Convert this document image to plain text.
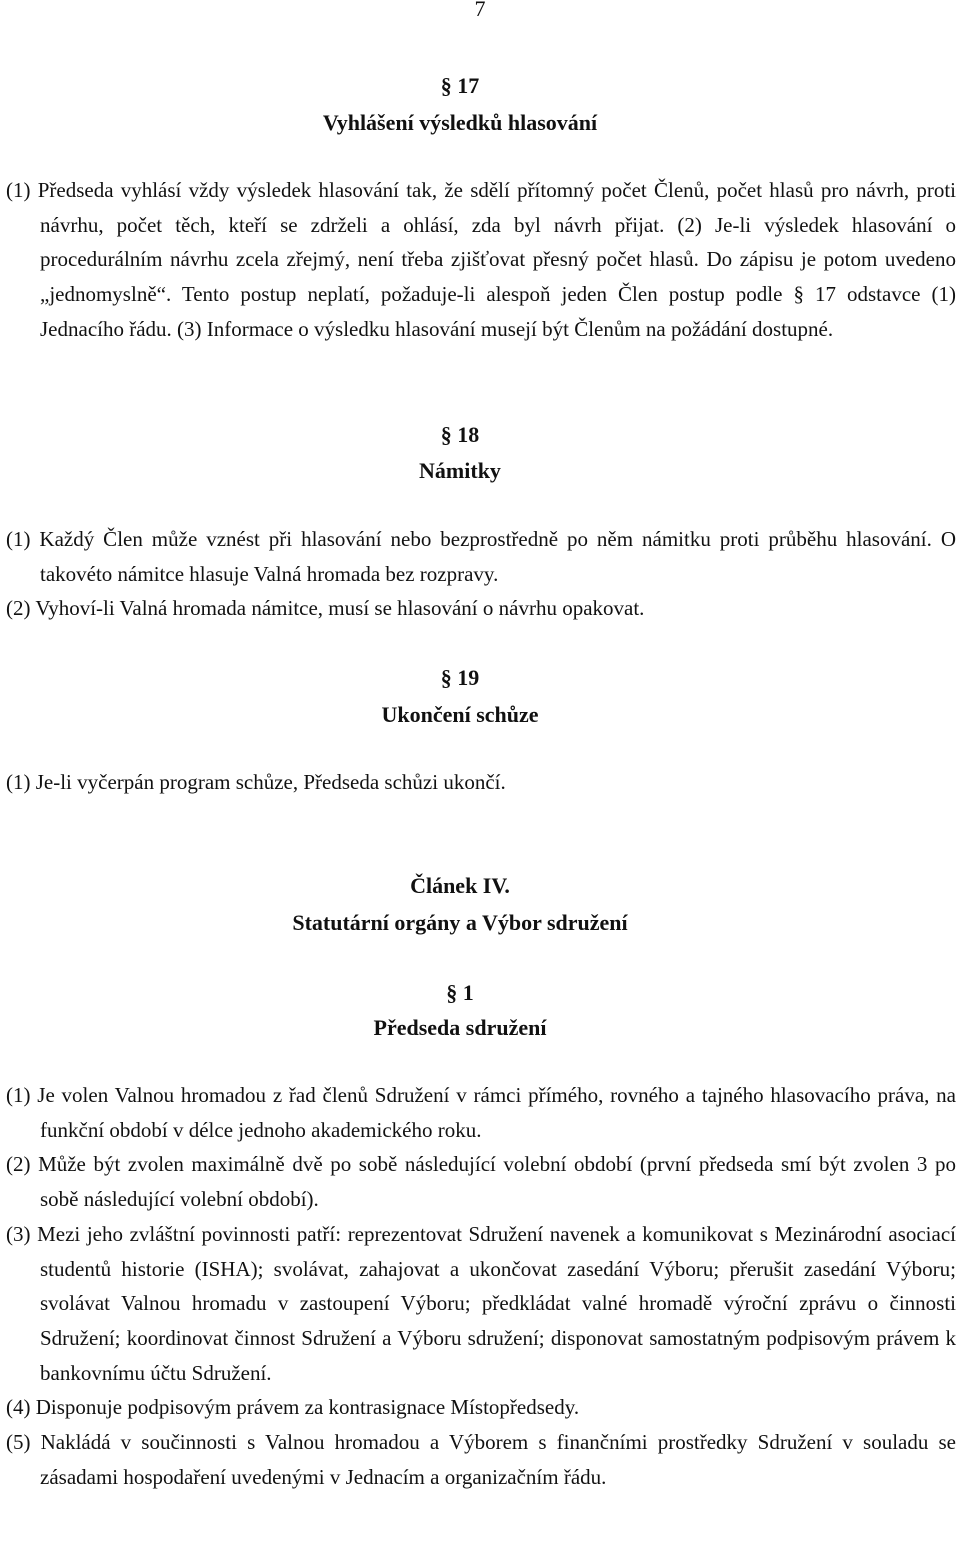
7
§ 17
Vyhlášení výsledků hlasování
(1) Předseda vyhlásí vždy výsledek hlasování tak, že sdělí přítomný počet Členů, počet hlasů pro návrh, proti návrhu, počet těch, kteří se zdrželi a ohlásí, zda byl návrh přijat. (2) Je-li výsledek hlasování o procedurálním návrhu zcela zřejmý, není třeba zjišťovat přesný počet hlasů. Do zápisu je potom uvedeno „jednomyslně“. Tento postup neplatí, požaduje-li alespoň jeden Člen postup podle § 17 odstavce (1) Jednacího řádu. (3) Informace o výsledku hlasování musejí být Členům na požádání dostupné.
§ 18
Námitky
(1) Každý Člen může vznést při hlasování nebo bezprostředně po něm námitku proti průběhu hlasování. O takovéto námitce hlasuje Valná hromada bez rozpravy.
(2) Vyhoví-li Valná hromada námitce, musí se hlasování o návrhu opakovat.
§ 19
Ukončení schůze
(1) Je-li vyčerpán program schůze, Předseda schůzi ukončí.
Článek IV.
Statutární orgány a Výbor sdružení
§ 1
Předseda sdružení
(1) Je volen Valnou hromadou z řad členů Sdružení v rámci přímého, rovného a tajného hlasovacího práva, na funkční období v délce jednoho akademického roku.
(2) Může být zvolen maximálně dvě po sobě následující volební období (první předseda smí být zvolen 3 po sobě následující volební období).
(3) Mezi jeho zvláštní povinnosti patří: reprezentovat Sdružení navenek a komunikovat s Mezinárodní asociací studentů historie (ISHA); svolávat, zahajovat a ukončovat zasedání Výboru; přerušit zasedání Výboru; svolávat Valnou hromadu v zastoupení Výboru; předkládat valné hromadě výroční zprávu o činnosti Sdružení; koordinovat činnost Sdružení a Výboru sdružení; disponovat samostatným podpisovým právem k bankovnímu účtu Sdružení.
(4) Disponuje podpisovým právem za kontrasignace Místopředsedy.
(5) Nakládá v součinnosti s Valnou hromadou a Výborem s finančními prostředky Sdružení v souladu se zásadami hospodaření uvedenými v Jednacím a organizačním řádu.
